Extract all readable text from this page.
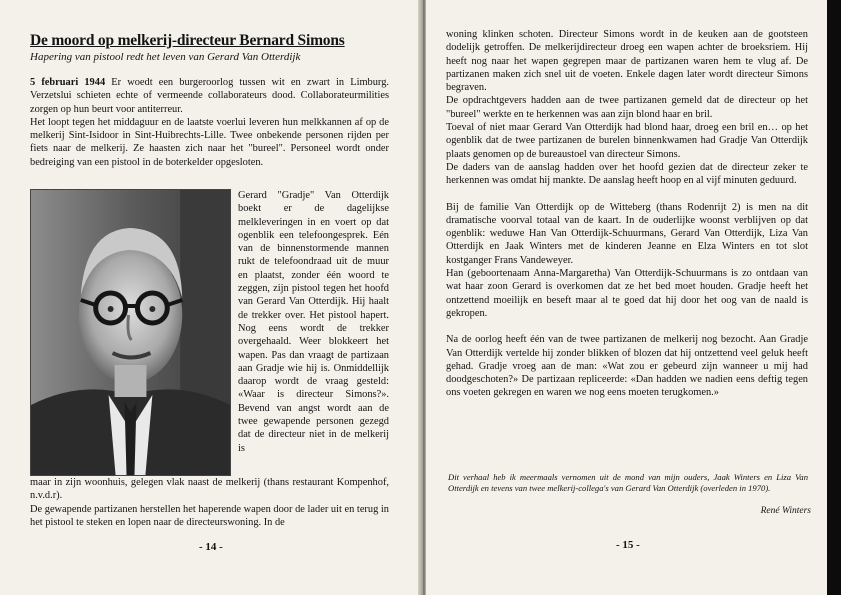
De moord op melkerij-directeur Bernard Simons
Hapering van pistool redt het leven van Gerard Van Otterdijk

5 februari 1944 Er woedt een burgeroorlog tussen wit en zwart in Limburg. Verzetslui schieten echte of vermeende collaborateurs dood. Collaborateurmilities zorgen op hun beurt voor antiterreur.

Het loopt tegen het middaguur en de laatste voerlui leveren hun melkkannen af op de melkerij Sint-Isidoor in Sint-Huibrechts-Lille. Twee onbekende personen rijden per fiets naar de melkerij. Ze haasten zich naar het "bureel". Personeel wordt onder bedreiging van een pistool in de boterkelder opgesloten.

Gerard "Gradje" Van Otterdijk boekt er de dagelijkse melkleveringen in en voert op dat ogenblik een telefoongesprek. Eén van de binnenstormende mannen rukt de telefoondraad uit de muur en plaatst, zonder één woord te zeggen, zijn pistool tegen het hoofd van Gerard Van Otterdijk. Hij haalt de trekker over. Het pistool hapert. Nog eens wordt de trekker overgehaald. Weer blokkeert het wapen. Pas dan vraagt de partizaan aan Gradje wie hij is. Onmiddellijk daarop wordt de vraag gesteld: «Waar is directeur Simons?». Bevend van angst wordt aan de twee gewapende personen gezegd dat de directeur niet in de melkerij is

maar in zijn woonhuis, gelegen vlak naast de melkerij (thans restaurant Kompenhof, n.v.d.r).

De gewapende partizanen herstellen het haperende wapen door de lader uit en terug in het pistool te steken en lopen naar de directeurswoning. In de

- 14 -

woning klinken schoten. Directeur Simons wordt in de keuken aan de gootsteen dodelijk getroffen. De melkerijdirecteur droeg een wapen achter de broeksriem. Hij heeft nog naar het wapen gegrepen maar de partizanen waren hem te vlug af. De partizanen maken zich snel uit de voeten. Enkele dagen later wordt directeur Simons begraven.

De opdrachtgevers hadden aan de twee partizanen gemeld dat de directeur op het "bureel" werkte en te herkennen was aan zijn blond haar en bril.

Toeval of niet maar Gerard Van Otterdijk had blond haar, droeg een bril en… op het ogenblik dat de twee partizanen de burelen binnenkwamen had Gradje Van Otterdijk plaats genomen op de bureaustoel van directeur Simons.

De daders van de aanslag hadden over het hoofd gezien dat de directeur zeker te herkennen was omdat hij mankte. De aanslag heeft hoop en al vijf minuten geduurd.

Bij de familie Van Otterdijk op de Witteberg (thans Rodenrijt 2) is men na dit dramatische voorval totaal van de kaart. In de ouderlijke woonst verblijven op dat ogenblik: weduwe Han Van Otterdijk-Schuurmans, Gerard Van Otterdijk, Liza Van Otterdijk en Jaak Winters met de kinderen Jeanne en Elza Winters en tot slot kostganger Frans Vandeweyer.

Han (geboortenaam Anna-Margaretha) Van Otterdijk-Schuurmans is zo ontdaan van wat haar zoon Gerard is overkomen dat ze het bed moet houden. Gradje heeft het ontzettend moeilijk en beseft maar al te goed dat hij door het oog van de naald is gekropen.

Na de oorlog heeft één van de twee partizanen de melkerij nog bezocht. Aan Gradje Van Otterdijk vertelde hij zonder blikken of blozen dat hij ontzettend veel geluk heeft gehad. Gradje vroeg aan de man: «Wat zou er gebeurd zijn wanneer u mij had doodgeschoten?» De partizaan repliceerde: «Dan hadden we nadien eens deftig tegen ons voeten gekregen en waren we nog eens moeten terugkomen.»

Dit verhaal heb ik meermaals vernomen uit de mond van mijn ouders, Jaak Winters en Liza Van Otterdijk en tevens van twee melkerij-collega's van Gerard Van Otterdijk (overleden in 1970).
René Winters
- 15 -
